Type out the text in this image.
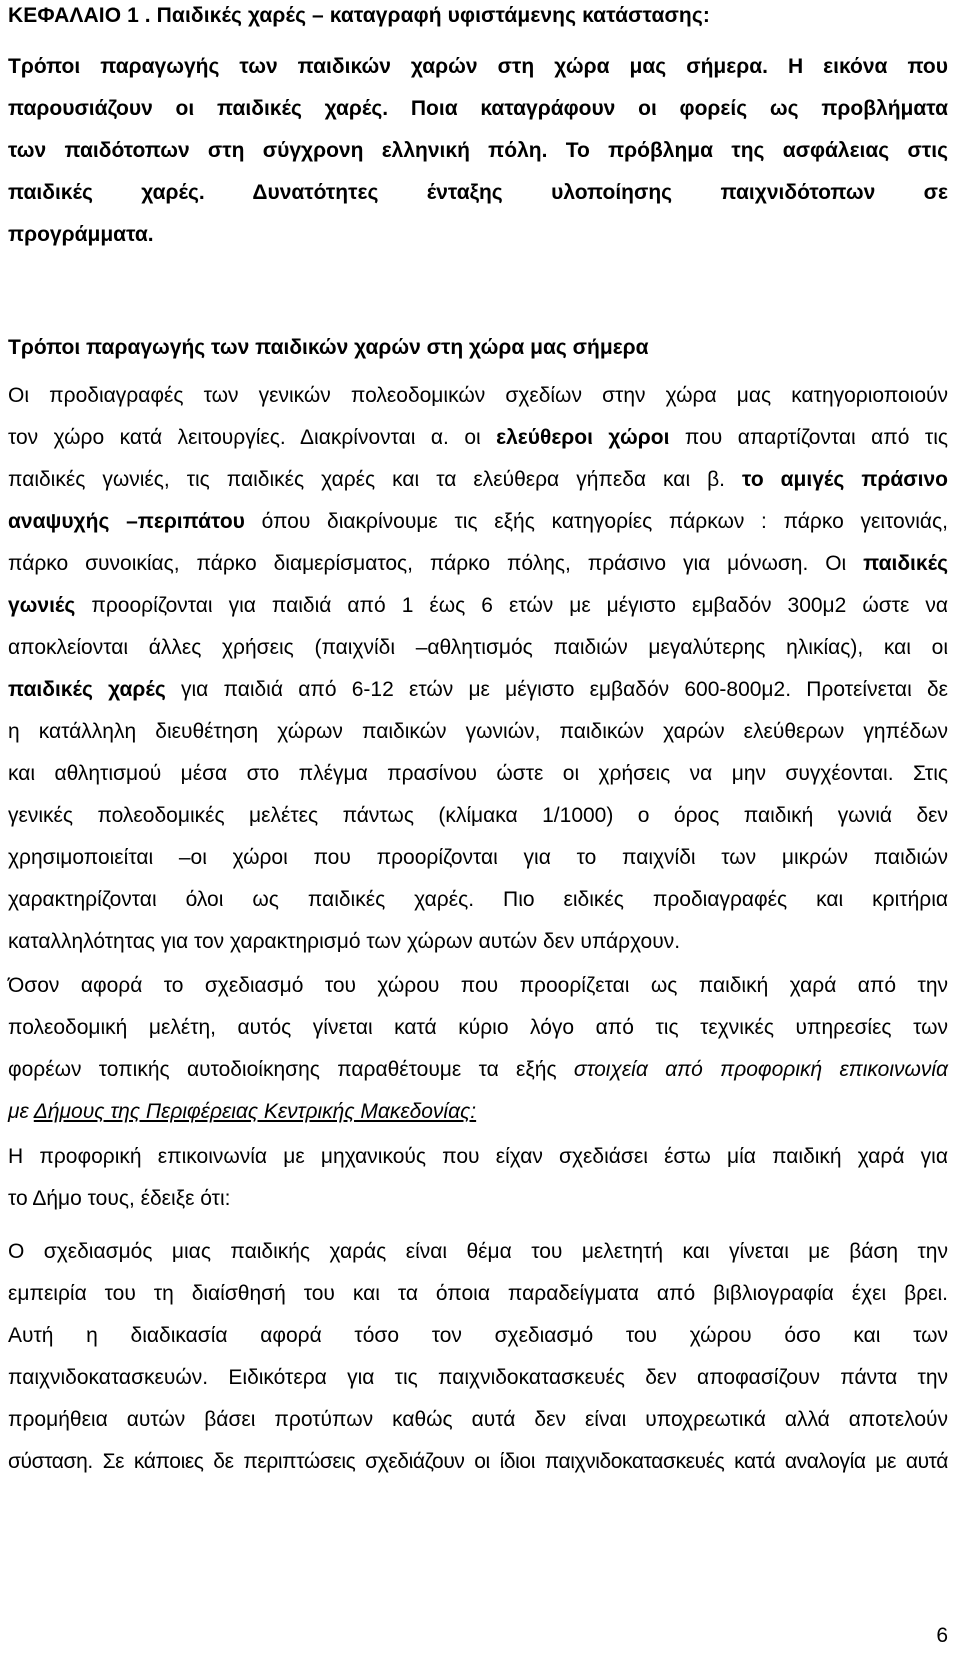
ΚΕΦΑΛΑΙΟ 1 . Παιδικές χαρές – καταγραφή υφιστάμενης κατάστασης:
Τρόποι παραγωγής των παιδικών χαρών στη χώρα μας σήμερα. Η εικόνα που
παρουσιάζουν οι παιδικές χαρές. Ποια καταγράφουν οι φορείς ως προβλήματα
των παιδότοπων στη σύγχρονη ελληνική πόλη. Το πρόβλημα της ασφάλειας στις
παιδικές χαρές. Δυνατότητες ένταξης υλοποίησης παιχνιδότοπων σε
προγράμματα.
Τρόποι παραγωγής των παιδικών χαρών στη χώρα μας σήμερα
Οι προδιαγραφές των γενικών πολεοδομικών σχεδίων στην χώρα μας κατηγοριοποιούν
τον χώρο κατά λειτουργίες. Διακρίνονται α. οι ελεύθεροι χώροι που απαρτίζονται από τις
παιδικές γωνιές, τις παιδικές χαρές και τα ελεύθερα γήπεδα και β. το αμιγές πράσινο
αναψυχής –περιπάτου όπου διακρίνουμε τις εξής κατηγορίες πάρκων : πάρκο γειτονιάς,
πάρκο συνοικίας, πάρκο διαμερίσματος, πάρκο πόλης, πράσινο για μόνωση. Οι παιδικές
γωνιές προορίζονται για παιδιά από 1 έως 6 ετών με μέγιστο εμβαδόν 300μ2 ώστε να
αποκλείονται άλλες χρήσεις (παιχνίδι –αθλητισμός παιδιών μεγαλύτερης ηλικίας), και οι
παιδικές χαρές για παιδιά από 6-12 ετών με μέγιστο εμβαδόν 600-800μ2. Προτείνεται δε
η κατάλληλη διευθέτηση χώρων παιδικών γωνιών, παιδικών χαρών ελεύθερων γηπέδων
και αθλητισμού μέσα στο πλέγμα πρασίνου ώστε οι χρήσεις να μην συγχέονται. Στις
γενικές πολεοδομικές μελέτες πάντως (κλίμακα 1/1000) ο όρος παιδική γωνιά δεν
χρησιμοποιείται –οι χώροι που προορίζονται για το παιχνίδι των μικρών παιδιών
χαρακτηρίζονται όλοι ως παιδικές χαρές. Πιο ειδικές προδιαγραφές και κριτήρια
καταλληλότητας για τον χαρακτηρισμό των χώρων αυτών δεν υπάρχουν.
Όσον αφορά το σχεδιασμό του χώρου που προορίζεται ως παιδική χαρά από την
πολεοδομική μελέτη, αυτός γίνεται κατά κύριο λόγο από τις τεχνικές υπηρεσίες των
φορέων τοπικής αυτοδιοίκησης παραθέτουμε τα εξής στοιχεία από προφορική επικοινωνία
με Δήμους της Περιφέρειας Κεντρικής Μακεδονίας:
Η προφορική επικοινωνία με μηχανικούς που είχαν σχεδιάσει έστω μία παιδική χαρά για
το Δήμο τους, έδειξε ότι:
Ο σχεδιασμός μιας παιδικής χαράς είναι θέμα του μελετητή και γίνεται με βάση την
εμπειρία του τη διαίσθησή του και τα όποια παραδείγματα από βιβλιογραφία έχει βρει.
Αυτή η διαδικασία αφορά τόσο τον σχεδιασμό του χώρου όσο και των
παιχνιδοκατασκευών. Ειδικότερα για τις παιχνιδοκατασκευές δεν αποφασίζουν πάντα την
προμήθεια αυτών βάσει προτύπων καθώς αυτά δεν είναι υποχρεωτικά αλλά αποτελούν
σύσταση. Σε κάποιες δε περιπτώσεις σχεδιάζουν οι ίδιοι παιχνιδοκατασκευές κατά αναλογία με αυτά
6
